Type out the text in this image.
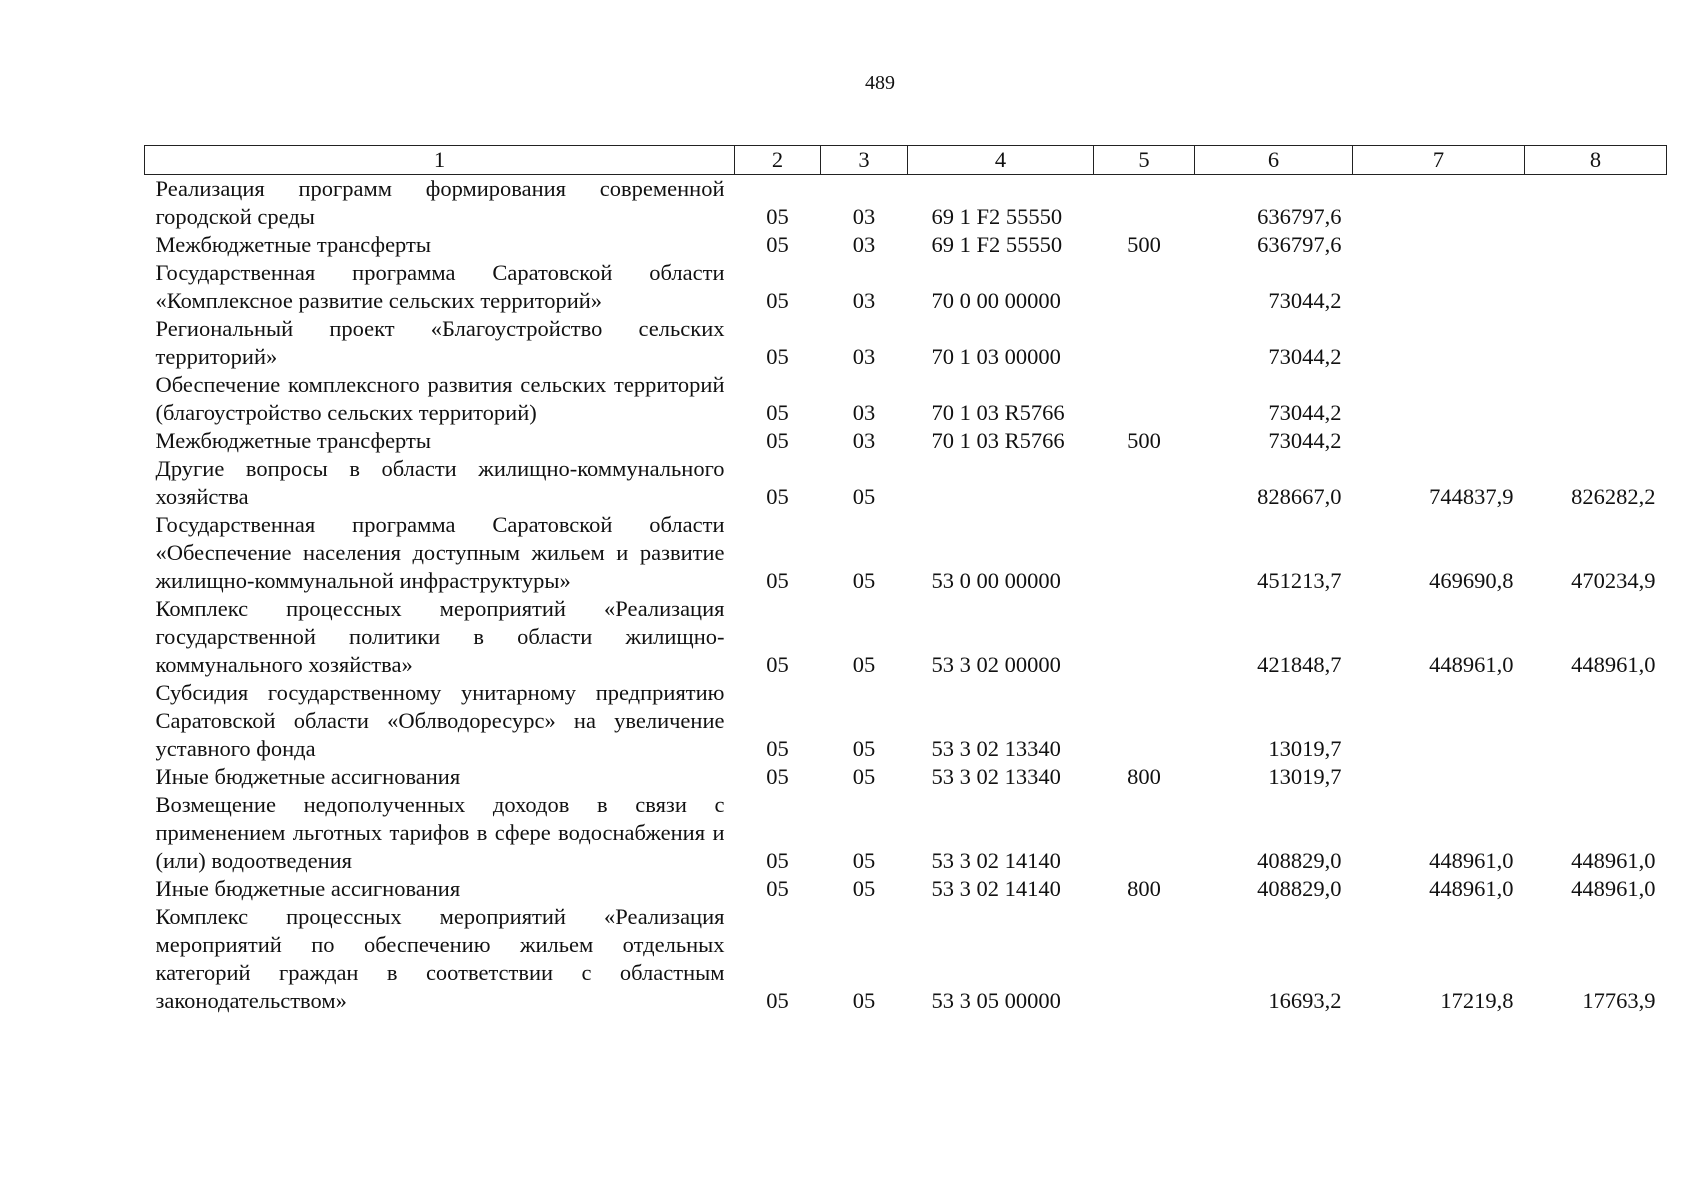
489
1	2	3	4	5	6	7	8
Реализация программ формирования современной городской среды	05	03	69 1 F2 55550		636797,6		
Межбюджетные трансферты	05	03	69 1 F2 55550	500	636797,6		
Государственная программа Саратовской области «Комплексное развитие сельских территорий»	05	03	70 0 00 00000		73044,2		
Региональный проект «Благоустройство сельских территорий»	05	03	70 1 03 00000		73044,2		
Обеспечение комплексного развития сельских территорий (благоустройство сельских территорий)	05	03	70 1 03 R5766		73044,2		
Межбюджетные трансферты	05	03	70 1 03 R5766	500	73044,2		
Другие вопросы в области жилищно-коммунального хозяйства	05	05			828667,0	744837,9	826282,2
Государственная программа Саратовской области «Обеспечение населения доступным жильем и развитие жилищно-коммунальной инфраструктуры»	05	05	53 0 00 00000		451213,7	469690,8	470234,9
Комплекс процессных мероприятий «Реализация государственной политики в области жилищно-коммунального хозяйства»	05	05	53 3 02 00000		421848,7	448961,0	448961,0
Субсидия государственному унитарному предприятию Саратовской области «Облводоресурс» на увеличение уставного фонда	05	05	53 3 02 13340		13019,7		
Иные бюджетные ассигнования	05	05	53 3 02 13340	800	13019,7		
Возмещение недополученных доходов в связи с применением льготных тарифов в сфере водоснабжения и (или) водоотведения	05	05	53 3 02 14140		408829,0	448961,0	448961,0
Иные бюджетные ассигнования	05	05	53 3 02 14140	800	408829,0	448961,0	448961,0
Комплекс процессных мероприятий «Реализация мероприятий по обеспечению жильем отдельных категорий граждан в соответствии с областным законодательством»	05	05	53 3 05 00000		16693,2	17219,8	17763,9
